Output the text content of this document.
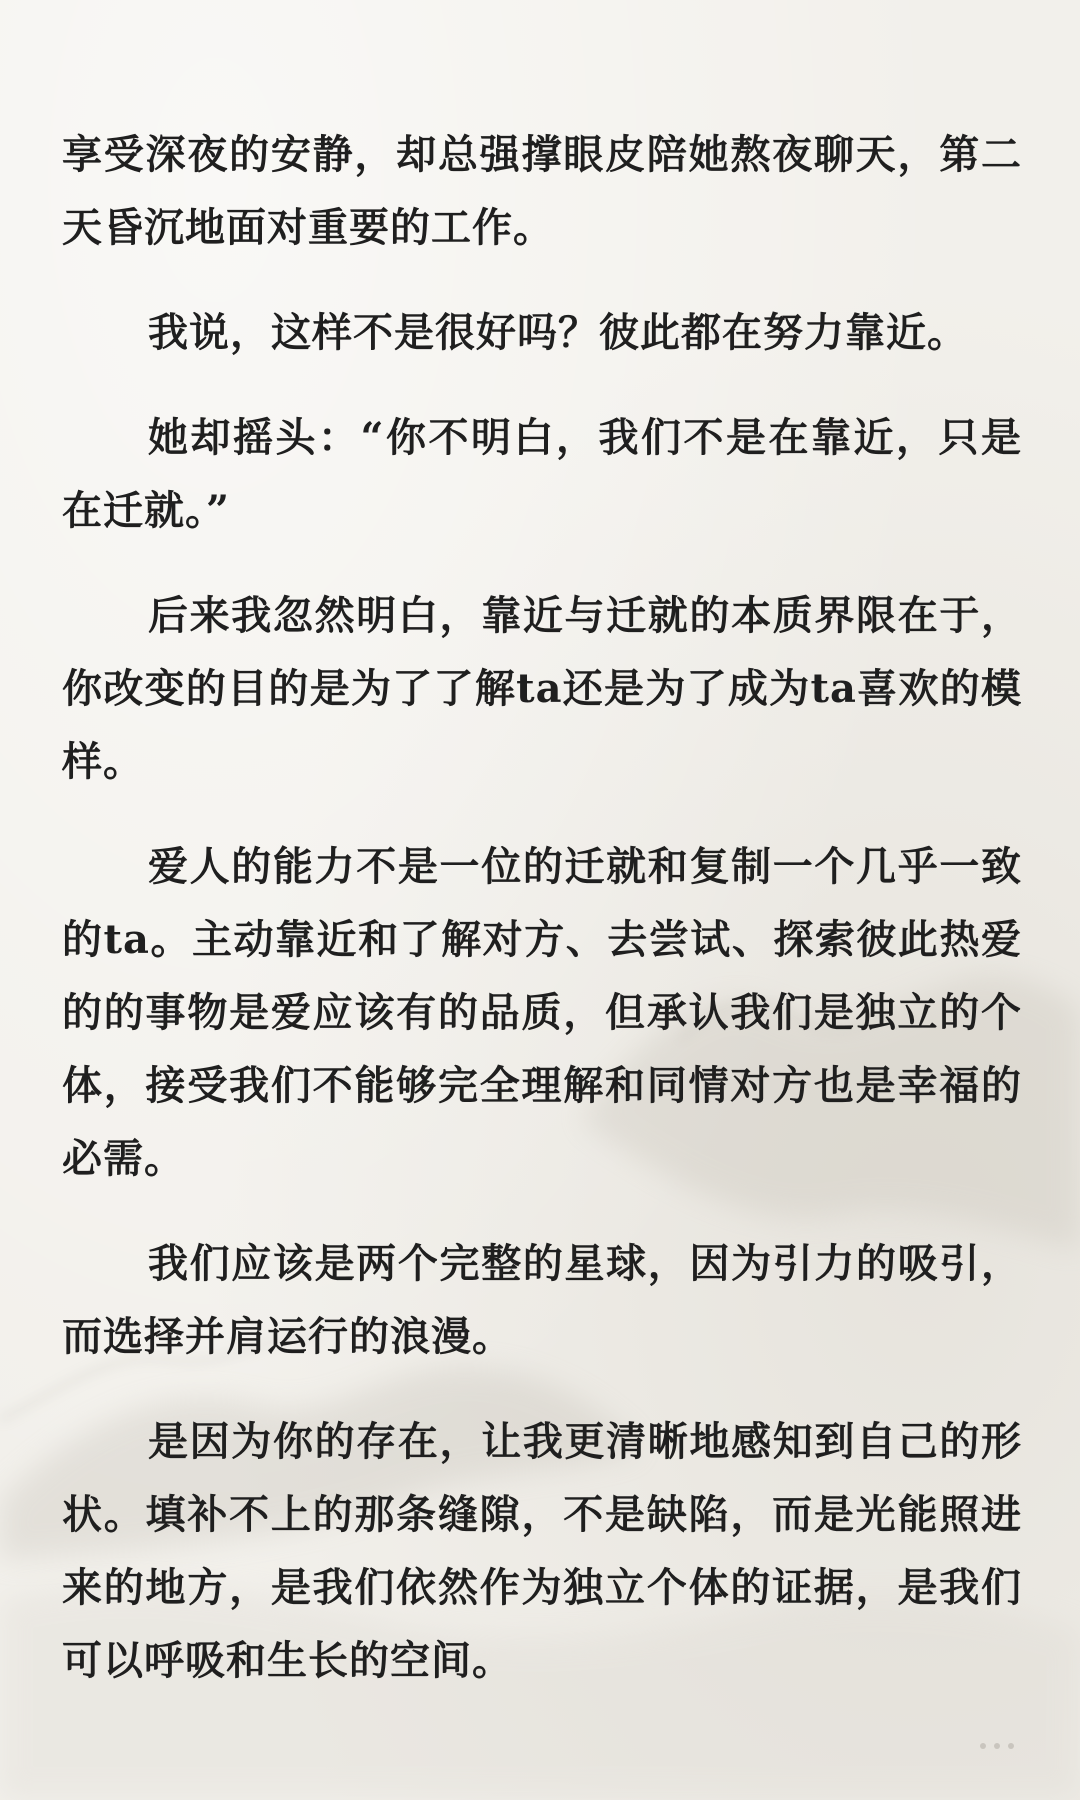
享受深夜的安静，却总强撑眼皮陪她熬夜聊天，第二天昏沉地面对重要的工作。

我说，这样不是很好吗？彼此都在努力靠近。

她却摇头：“你不明白，我们不是在靠近，只是在迁就。”

后来我忽然明白，靠近与迁就的本质界限在于，你改变的目的是为了了解ta还是为了成为ta喜欢的模样。

爱人的能力不是一位的迁就和复制一个几乎一致的ta。主动靠近和了解对方、去尝试、探索彼此热爱的的事物是爱应该有的品质，但承认我们是独立的个体，接受我们不能够完全理解和同情对方也是幸福的必需。

我们应该是两个完整的星球，因为引力的吸引，而选择并肩运行的浪漫。

是因为你的存在，让我更清晰地感知到自己的形状。填补不上的那条缝隙，不是缺陷，而是光能照进来的地方，是我们依然作为独立个体的证据，是我们可以呼吸和生长的空间。
